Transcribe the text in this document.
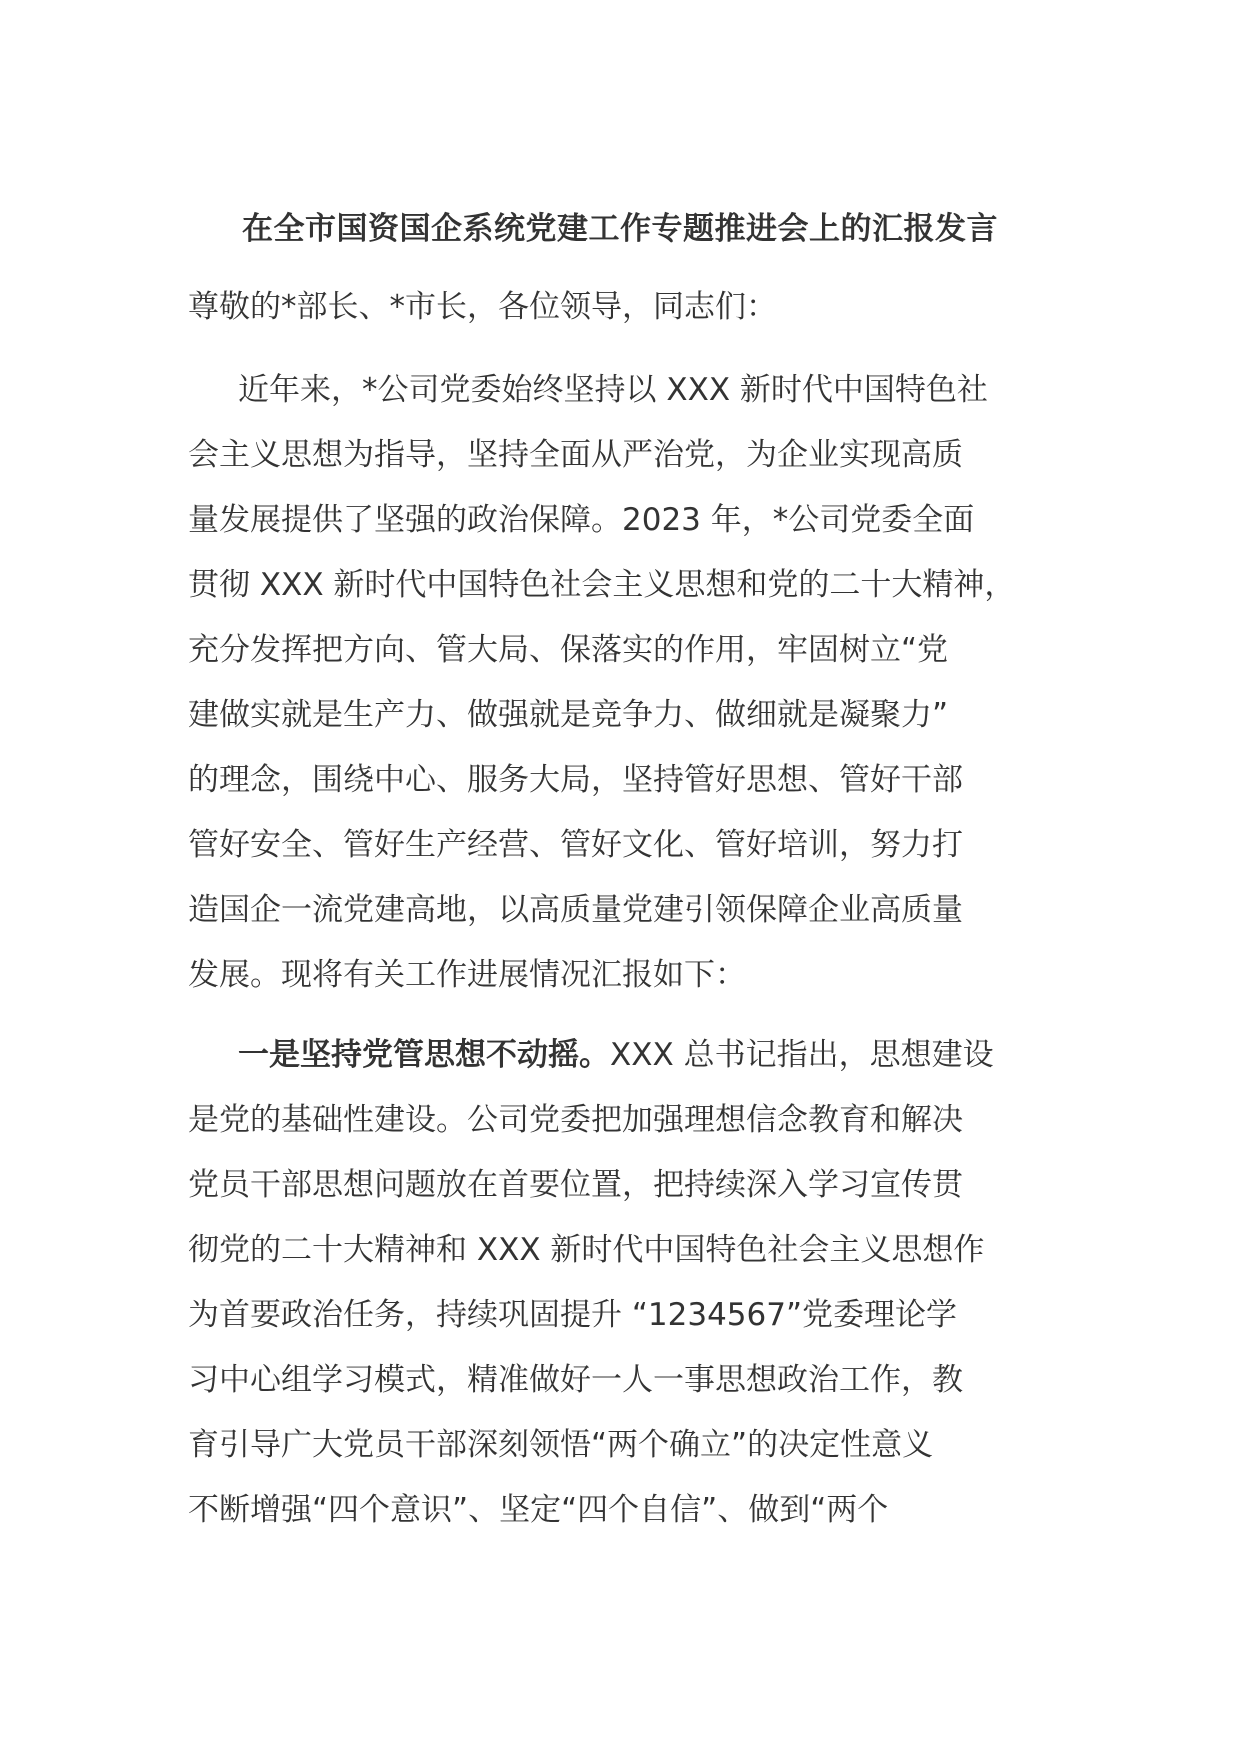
在全市国资国企系统党建工作专题推进会上的汇报发言
尊敬的*部长、*市长，各位领导，同志们：
近年来，*公司党委始终坚持以 XXX 新时代中国特色社
会主义思想为指导，坚持全面从严治党，为企业实现高质
量发展提供了坚强的政治保障。2023 年，*公司党委全面
贯彻 XXX 新时代中国特色社会主义思想和党的二十大精神，
充分发挥把方向、管大局、保落实的作用，牢固树立“党
建做实就是生产力、做强就是竞争力、做细就是凝聚力”
的理念，围绕中心、服务大局，坚持管好思想、管好干部
管好安全、管好生产经营、管好文化、管好培训，努力打
造国企一流党建高地，以高质量党建引领保障企业高质量
发展。现将有关工作进展情况汇报如下：
一是坚持党管思想不动摇。XXX 总书记指出，思想建设
是党的基础性建设。公司党委把加强理想信念教育和解决
党员干部思想问题放在首要位置，把持续深入学习宣传贯
彻党的二十大精神和 XXX 新时代中国特色社会主义思想作
为首要政治任务，持续巩固提升 “1234567”党委理论学
习中心组学习模式，精准做好一人一事思想政治工作，教
育引导广大党员干部深刻领悟“两个确立”的决定性意义
不断增强“四个意识”、坚定“四个自信”、做到“两个
